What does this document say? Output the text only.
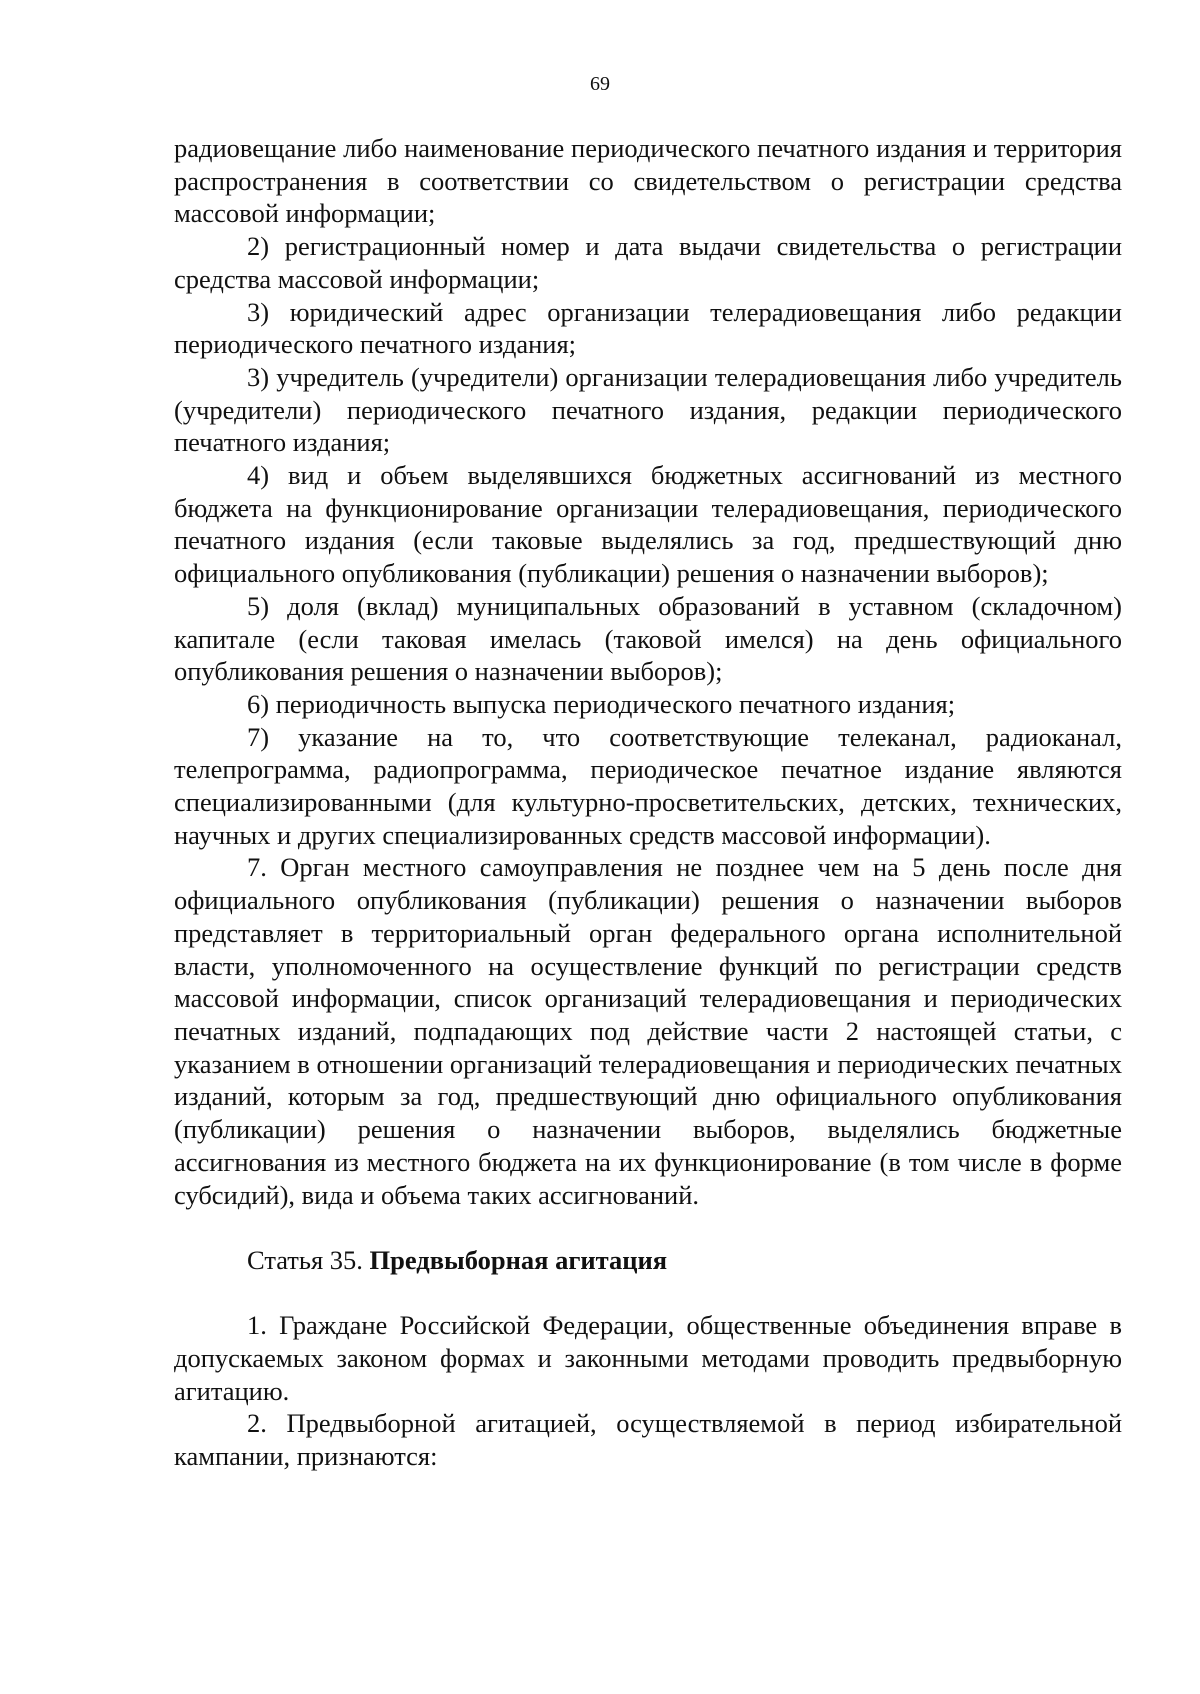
69

радиовещание либо наименование периодического печатного издания и территория распространения в соответствии со свидетельством о регистрации средства массовой информации;

2) регистрационный номер и дата выдачи свидетельства о регистрации средства массовой информации;

3) юридический адрес организации телерадиовещания либо редакции периодического печатного издания;

3) учредитель (учредители) организации телерадиовещания либо учредитель (учредители) периодического печатного издания, редакции периодического печатного издания;

4) вид и объем выделявшихся бюджетных ассигнований из местного бюджета на функционирование организации телерадиовещания, периодического печатного издания (если таковые выделялись за год, предшествующий дню официального опубликования (публикации) решения о назначении выборов);

5) доля (вклад) муниципальных образований в уставном (складочном) капитале (если таковая имелась (таковой имелся) на день официального опубликования решения о назначении выборов);

6) периодичность выпуска периодического печатного издания;

7) указание на то, что соответствующие телеканал, радиоканал, телепрограмма, радиопрограмма, периодическое печатное издание являются специализированными (для культурно-просветительских, детских, технических, научных и других специализированных средств массовой информации).

7. Орган местного самоуправления не позднее чем на 5 день после дня официального опубликования (публикации) решения о назначении выборов представляет в территориальный орган федерального органа исполнительной власти, уполномоченного на осуществление функций по регистрации средств массовой информации, список организаций телерадиовещания и периодических печатных изданий, подпадающих под действие части 2 настоящей статьи, с указанием в отношении организаций телерадиовещания и периодических печатных изданий, которым за год, предшествующий дню официального опубликования (публикации) решения о назначении выборов, выделялись бюджетные ассигнования из местного бюджета на их функционирование (в том числе в форме субсидий), вида и объема таких ассигнований.

Статья 35. Предвыборная агитация

1. Граждане Российской Федерации, общественные объединения вправе в допускаемых законом формах и законными методами проводить предвыборную агитацию.

2. Предвыборной агитацией, осуществляемой в период избирательной кампании, признаются:
